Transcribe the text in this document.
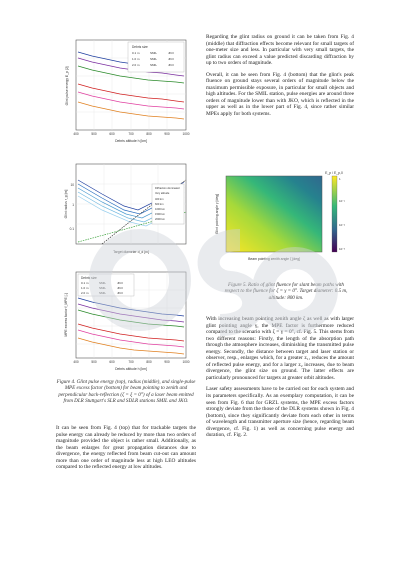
Debris size
0.1 m
1.0 m
2.0 m
SMIL
SMIL
SMIL
JKO
JKO
JKO
400	500	600	700	800	900	1000
Debris altitude h [km]
Glint pulse energy E_p [J]
Diffraction dominated
Very altitude
400 km
600 km
1000 km
1500 km
2000 km
10
1
0.1
Target diameter d_d [m]
Glint radius r_g [m]
Debris size
0.1 m
1.0 m
2.0 m
SMIL
SMIL
SMIL
JKO
JKO
JKO
400	500	600	700	800	900	1000
Debris altitude h [km]
MPE excess factor f_MPE [-]
Figure 4. Glint pulse energy (top), radius (middle), and single-pulse MPE excess factor (bottom) for beam pointing to zenith and perpendicular back-reflection (ζ = ξ = 0°) of a laser beam emitted from DLR Stuttgart's SLR and SDLR stations SMIL and JKO.

It can be seen from Fig. 4 (top) that for trackable targets the pulse energy can already be reduced by more than two orders of magnitude provided the object is rather small. Additionally, as the beam enlarges for great propagation distances due to divergence, the energy reflected from beam cut-out can amount more than one order of magnitude less at high LEO altitudes compared to the reflected energy at low altitudes.

Regarding the glint radius on ground it can be taken from Fig. 4 (middle) that diffraction effects become relevant for small targets of one-meter size and less. In particular with very small targets, the glint radius can exceed a value predicted discarding diffraction by up to two orders of magnitude.

Overall, it can be seen from Fig. 4 (bottom) that the glint's peak fluence on ground stays several orders of magnitude below the maximum permissible exposure, in particular for small objects and high altitudes. For the SMIL station, pulse energies are around three orders of magnitude lower than with JKO, which is reflected in the upper as well as in the lower part of Fig. 4, since rather similar MPEs apply for both systems.

E_p / E_p,0
1
10⁻¹
10⁻²
10⁻³
Beam pointing zenith angle ζ [deg]
Glint pointing angle γ [deg]
Figure 5. Ratio of glint fluence for slant beam paths with respect to the fluence for ζ = γ = 0°. Target diameter: 0.5 m, altitude: 800 km.

With increasing beam pointing zenith angle ζ as well as with larger glint pointing angle γ, the MPE factor is furthermore reduced compared to the scenario with ζ = γ = 0°, cf. Fig. 5. This stems from two different reasons: Firstly, the length of the absorption path through the atmosphere increases, diminishing the transmitted pulse energy. Secondly, the distance between target and laser station or observer, resp., enlarges which, for a greater z₁, reduces the amount of reflected pulse energy, and for a larger z₂ increases, due to beam divergence, the glint size on ground. The latter effects are particularly pronounced for targets at greater orbit altitudes.

Laser safety assessments have to be carried out for each system and its parameters specifically. As an exemplary computation, it can be seen from Fig. 6 that for GRZL systems, the MPE excess factors strongly deviate from the those of the DLR systems shown in Fig. 4 (bottom), since they significantly deviate from each other in terms of wavelength and transmitter aperture size (hence, regarding beam divergence, cf. Fig. 1) as well as concerning pulse energy and duration, cf. Fig. 2.
